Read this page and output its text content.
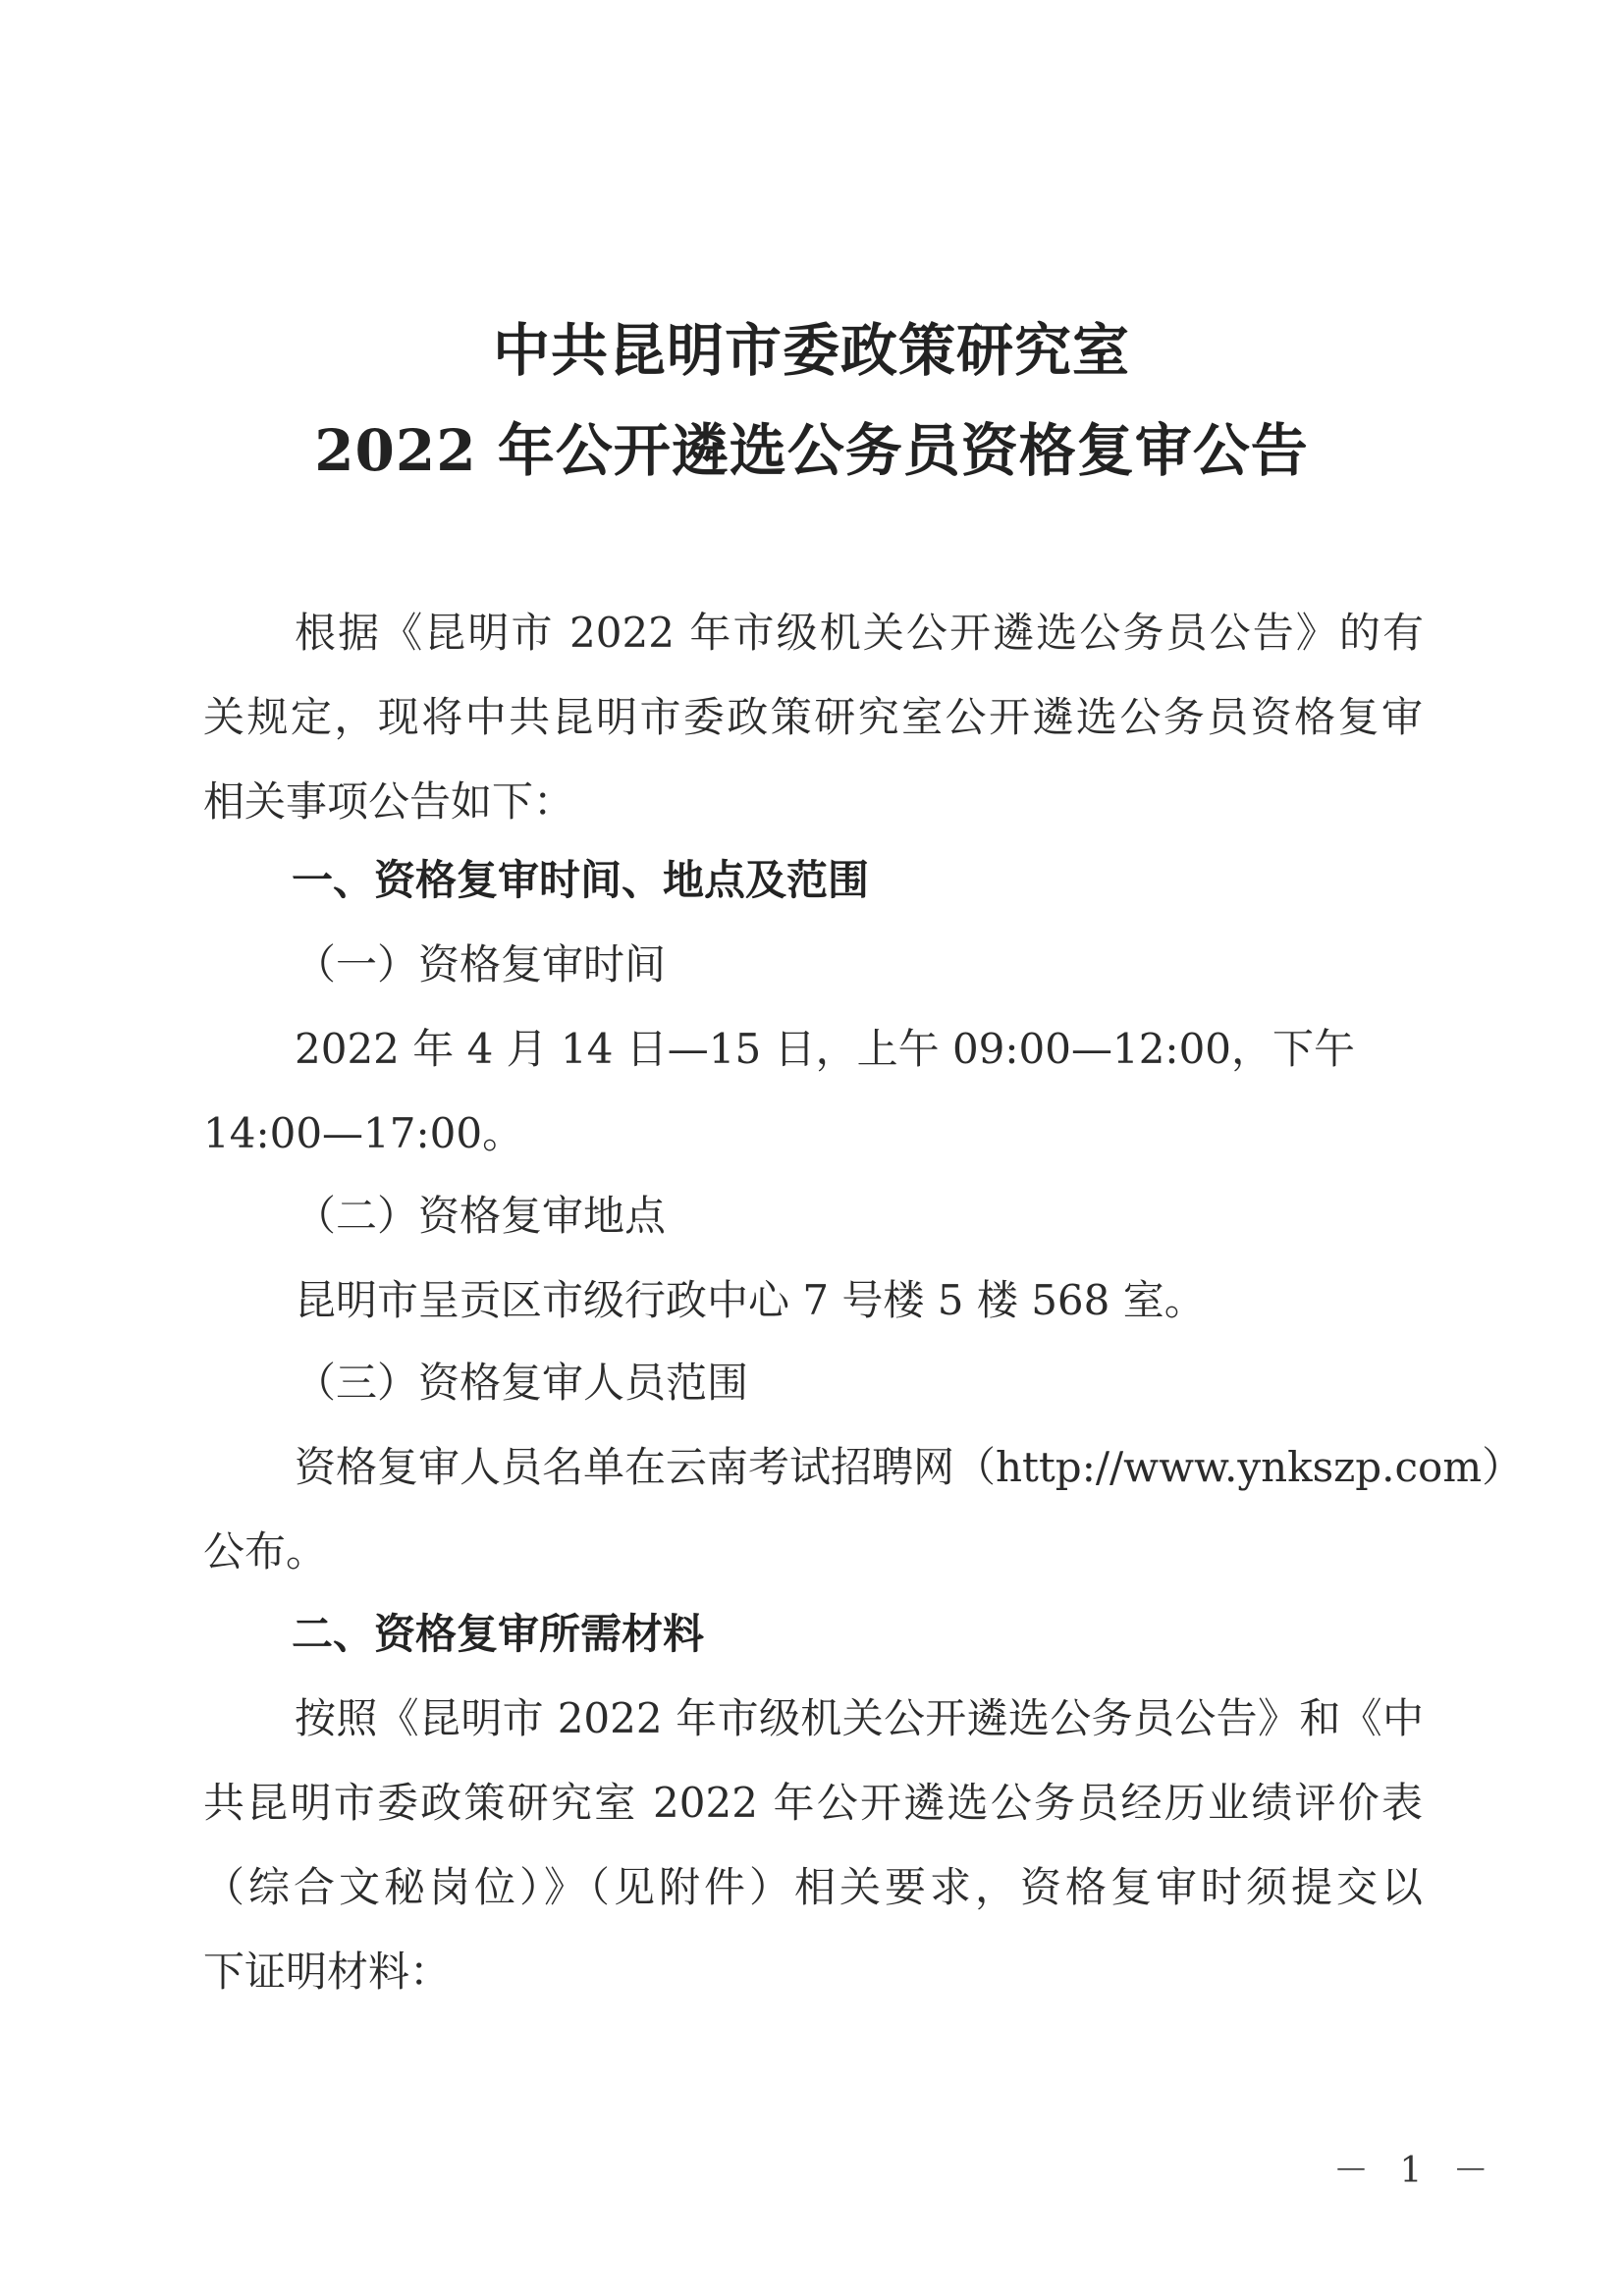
中共昆明市委政策研究室
2022 年公开遴选公务员资格复审公告
根据《昆明市 2022 年市级机关公开遴选公务员公告》的有
关规定，现将中共昆明市委政策研究室公开遴选公务员资格复审
相关事项公告如下：
一、资格复审时间、地点及范围
（一）资格复审时间
2022 年 4 月 14 日—15 日，上午 09:00—12:00，下午
14:00—17:00。
（二）资格复审地点
昆明市呈贡区市级行政中心 7 号楼 5 楼 568 室。
（三）资格复审人员范围
资格复审人员名单在云南考试招聘网（http://www.ynkszp.com）
公布。
二、资格复审所需材料
按照《昆明市 2022 年市级机关公开遴选公务员公告》和《中
共昆明市委政策研究室 2022 年公开遴选公务员经历业绩评价表
（综合文秘岗位）》（见附件）相关要求，资格复审时须提交以
下证明材料：
－ 1 －
